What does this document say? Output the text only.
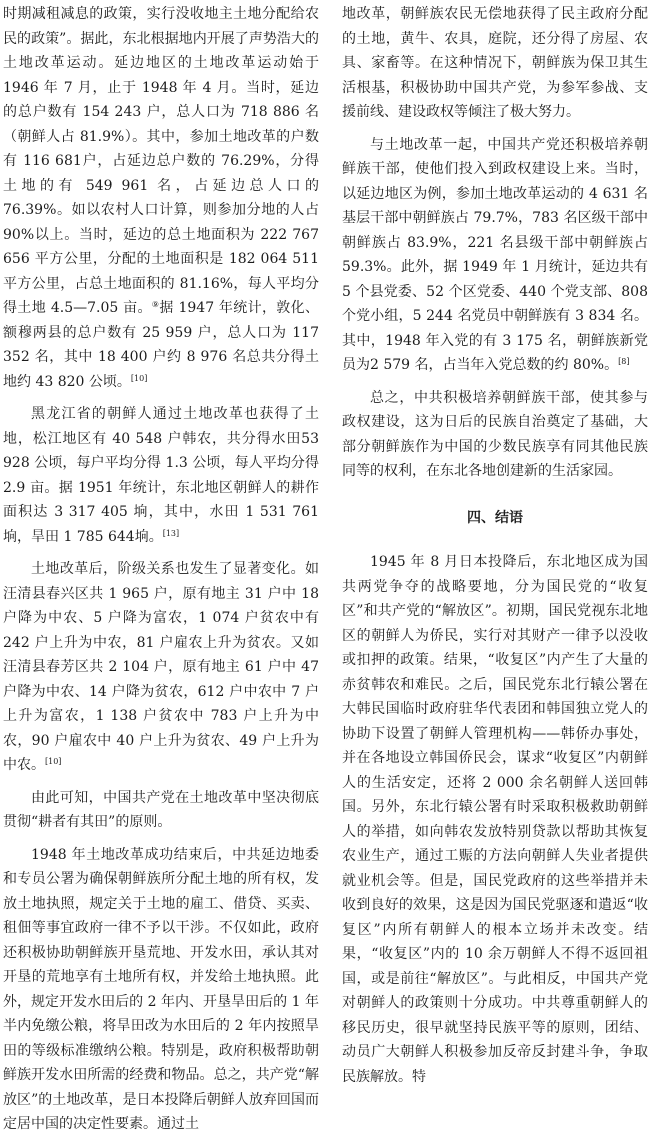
时期减租减息的政策，实行没收地主土地分配给农民的政策”。据此，东北根据地内开展了声势浩大的土地改革运动。延边地区的土地改革运动始于 1946 年 7 月，止于 1948 年 4 月。当时，延边的总户数有 154 243 户，总人口为 718 886 名（朝鲜人占 81.9%）。其中，参加土地改革的户数有 116 681户，占延边总户数的 76.29%，分得土地的有 549 961 名，占延边总人口的 76.39%。如以农村人口计算，则参加分地的人占 90%以上。当时，延边的总土地面积为 222 767 656 平方公里，分配的土地面积是 182 064 511 平方公里，占总土地面积的 81.16%，每人平均分得土地 4.5—7.05 亩。⑨据 1947 年统计，敦化、额穆两县的总户数有 25 959 户，总人口为 117 352 名，其中 18 400 户约 8 976 名总共分得土地约 43 820 公顷。[10]

黑龙江省的朝鲜人通过土地改革也获得了土地，松江地区有 40 548 户韩农，共分得水田53 928 公顷，每户平均分得 1.3 公顷，每人平均分得 2.9 亩。据 1951 年统计，东北地区朝鲜人的耕作面积达 3 317 405 垧，其中，水田 1 531 761 垧，旱田 1 785 644垧。[13]

土地改革后，阶级关系也发生了显著变化。如汪清县春兴区共 1 965 户，原有地主 31 户中 18 户降为中农、5 户降为富农，1 074 户贫农中有 242 户上升为中农，81 户雇农上升为贫农。又如汪清县春芳区共 2 104 户，原有地主 61 户中 47 户降为中农、14 户降为贫农，612 户中农中 7 户上升为富农，1 138 户贫农中 783 户上升为中农，90 户雇农中 40 户上升为贫农、49 户上升为中农。[10]

由此可知，中国共产党在土地改革中坚决彻底贯彻“耕者有其田”的原则。

1948 年土地改革成功结束后，中共延边地委和专员公署为确保朝鲜族所分配土地的所有权，发放土地执照，规定关于土地的雇工、借贷、买卖、租佃等事宜政府一律不予以干涉。不仅如此，政府还积极协助朝鲜族开垦荒地、开发水田，承认其对开垦的荒地享有土地所有权，并发给土地执照。此外，规定开发水田后的 2 年内、开垦旱田后的 1 年半内免缴公粮，将旱田改为水田后的 2 年内按照旱田的等级标准缴纳公粮。特别是，政府积极帮助朝鲜族开发水田所需的经费和物品。总之，共产党“解放区”的土地改革，是日本投降后朝鲜人放弃回国而定居中国的决定性要素。通过土

地改革，朝鲜族农民无偿地获得了民主政府分配的土地，黄牛、农具，庭院，还分得了房屋、农具、家畜等。在这种情况下，朝鲜族为保卫其生活根基，积极协助中国共产党，为参军参战、支援前线、建设政权等倾注了极大努力。

与土地改革一起，中国共产党还积极培养朝鲜族干部，使他们投入到政权建设上来。当时，以延边地区为例，参加土地改革运动的 4 631 名基层干部中朝鲜族占 79.7%，783 名区级干部中朝鲜族占 83.9%，221 名县级干部中朝鲜族占 59.3%。此外，据 1949 年 1 月统计，延边共有 5 个县党委、52 个区党委、440 个党支部、808 个党小组，5 244 名党员中朝鲜族有 3 834 名。其中，1948 年入党的有 3 175 名，朝鲜族新党员为2 579 名，占当年入党总数的约 80%。[8]

总之，中共积极培养朝鲜族干部，使其参与政权建设，这为日后的民族自治奠定了基础，大部分朝鲜族作为中国的少数民族享有同其他民族同等的权利，在东北各地创建新的生活家园。

四、结语

1945 年 8 月日本投降后，东北地区成为国共两党争夺的战略要地，分为国民党的“收复区”和共产党的“解放区”。初期，国民党视东北地区的朝鲜人为侨民，实行对其财产一律予以没收或扣押的政策。结果，“收复区”内产生了大量的赤贫韩农和难民。之后，国民党东北行辕公署在大韩民国临时政府驻华代表团和韩国独立党人的协助下设置了朝鲜人管理机构——韩侨办事处，并在各地设立韩国侨民会，谋求“收复区”内朝鲜人的生活安定，还将 2 000 余名朝鲜人送回韩国。另外，东北行辕公署有时采取积极救助朝鲜人的举措，如向韩农发放特别贷款以帮助其恢复农业生产，通过工赈的方法向朝鲜人失业者提供就业机会等。但是，国民党政府的这些举措并未收到良好的效果，这是因为国民党驱逐和遣返“收复区”内所有朝鲜人的根本立场并未改变。结果，“收复区”内的 10 余万朝鲜人不得不返回祖国，或是前往“解放区”。与此相反，中国共产党对朝鲜人的政策则十分成功。中共尊重朝鲜人的移民历史，很早就坚持民族平等的原则，团结、动员广大朝鲜人积极参加反帝反封建斗争，争取民族解放。特
